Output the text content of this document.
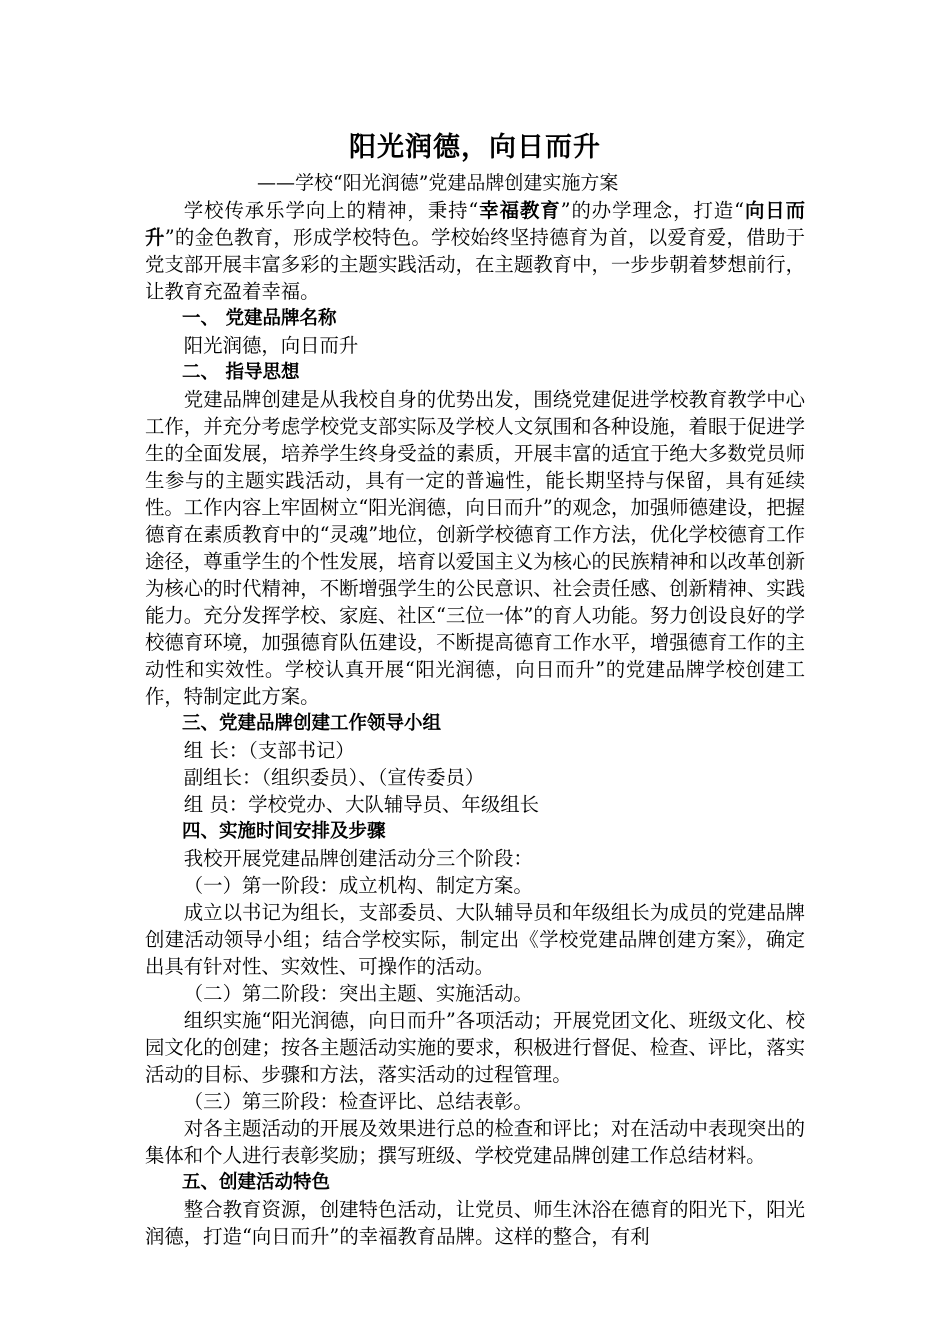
阳光润德，向日而升

——学校“阳光润德”党建品牌创建实施方案

学校传承乐学向上的精神，秉持“幸福教育”的办学理念，打造“向日而升”的金色教育，形成学校特色。学校始终坚持德育为首，以爱育爱，借助于党支部开展丰富多彩的主题实践活动，在主题教育中，一步步朝着梦想前行，让教育充盈着幸福。

一、 党建品牌名称

阳光润德，向日而升

二、 指导思想

党建品牌创建是从我校自身的优势出发，围绕党建促进学校教育教学中心工作，并充分考虑学校党支部实际及学校人文氛围和各种设施，着眼于促进学生的全面发展，培养学生终身受益的素质，开展丰富的适宜于绝大多数党员师生参与的主题实践活动，具有一定的普遍性，能长期坚持与保留，具有延续性。工作内容上牢固树立“阳光润德，向日而升”的观念，加强师德建设，把握德育在素质教育中的“灵魂”地位，创新学校德育工作方法，优化学校德育工作途径，尊重学生的个性发展，培育以爱国主义为核心的民族精神和以改革创新为核心的时代精神，不断增强学生的公民意识、社会责任感、创新精神、实践能力。充分发挥学校、家庭、社区“三位一体”的育人功能。努力创设良好的学校德育环境，加强德育队伍建设，不断提高德育工作水平，增强德育工作的主动性和实效性。学校认真开展“阳光润德，向日而升”的党建品牌学校创建工作，特制定此方案。

三、党建品牌创建工作领导小组

组 长：（支部书记）

副组长：（组织委员）、（宣传委员）

组 员：学校党办、大队辅导员、年级组长

四、实施时间安排及步骤

我校开展党建品牌创建活动分三个阶段：

（一）第一阶段：成立机构、制定方案。

成立以书记为组长，支部委员、大队辅导员和年级组长为成员的党建品牌创建活动领导小组；结合学校实际，制定出《学校党建品牌创建方案》，确定出具有针对性、实效性、可操作的活动。

（二）第二阶段：突出主题、实施活动。

组织实施“阳光润德，向日而升”各项活动；开展党团文化、班级文化、校园文化的创建；按各主题活动实施的要求，积极进行督促、检查、评比，落实活动的目标、步骤和方法，落实活动的过程管理。

（三）第三阶段：检查评比、总结表彰。

对各主题活动的开展及效果进行总的检查和评比；对在活动中表现突出的集体和个人进行表彰奖励；撰写班级、学校党建品牌创建工作总结材料。

五、创建活动特色

整合教育资源，创建特色活动，让党员、师生沐浴在德育的阳光下，阳光润德，打造“向日而升”的幸福教育品牌。这样的整合，有利
